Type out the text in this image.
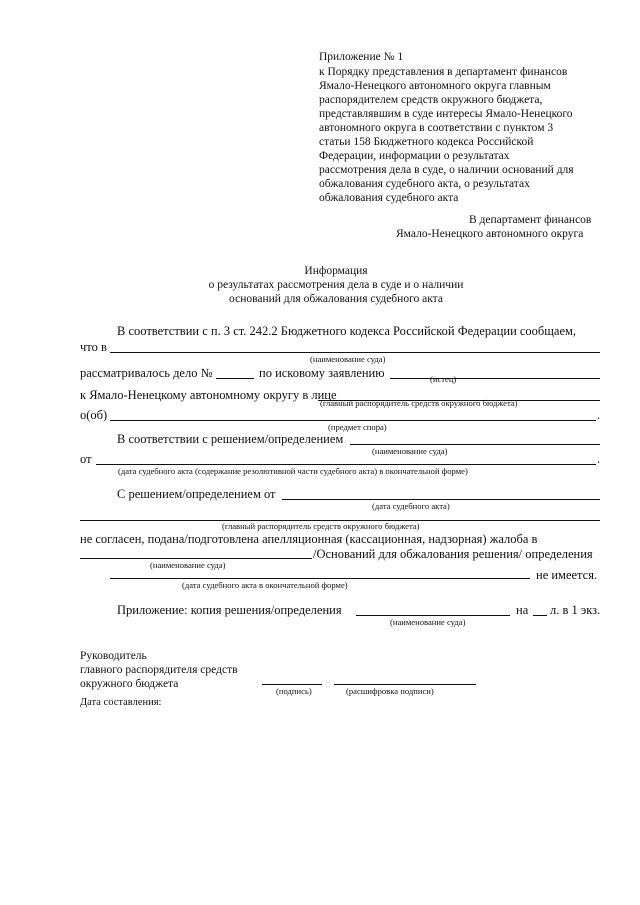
Приложение № 1
к Порядку представления в департамент финансов
Ямало-Ненецкого автономного округа главным
распорядителем средств окружного бюджета,
представлявшим в суде интересы Ямало-Ненецкого
автономного округа в соответствии с пунктом 3
статьи 158 Бюджетного кодекса Российской
Федерации, информации о результатах
рассмотрения дела в суде, о наличии оснований для
обжалования судебного акта, о результатах
обжалования судебного акта
В департамент финансов
Ямало-Ненецкого автономного округа
Информация
о результатах рассмотрения дела в суде и о наличии
оснований для обжалования судебного акта
В соответствии с п. 3 ст. 242.2 Бюджетного кодекса Российской Федерации сообщаем,
что в
(наименование суда)
рассматривалось дело №	по исковому заявлению	(истец)
к Ямало-Ненецкому автономному округу в лице
(главный распорядитель средств окружного бюджета)
о(об)	.
(предмет спора)
В соответствии с решением/определением
(наименование суда)
от	.
(дата судебного акта (содержание резолютивной части судебного акта) в окончательной форме)
С решением/определением от
(дата судебного акта)
(главный распорядитель средств окружного бюджета)
не согласен, подана/подготовлена апелляционная (кассационная, надзорная) жалоба в
/Оснований для обжалования решения/ определения
(наименование суда)
не имеется.
(дата судебного акта в окончательной форме)
Приложение: копия решения/определения	на л. в 1 экз.
(наименование суда)
Руководитель
главного распорядителя средств
окружного бюджета
(подпись)	(расшифровка подписи)
Дата составления:
